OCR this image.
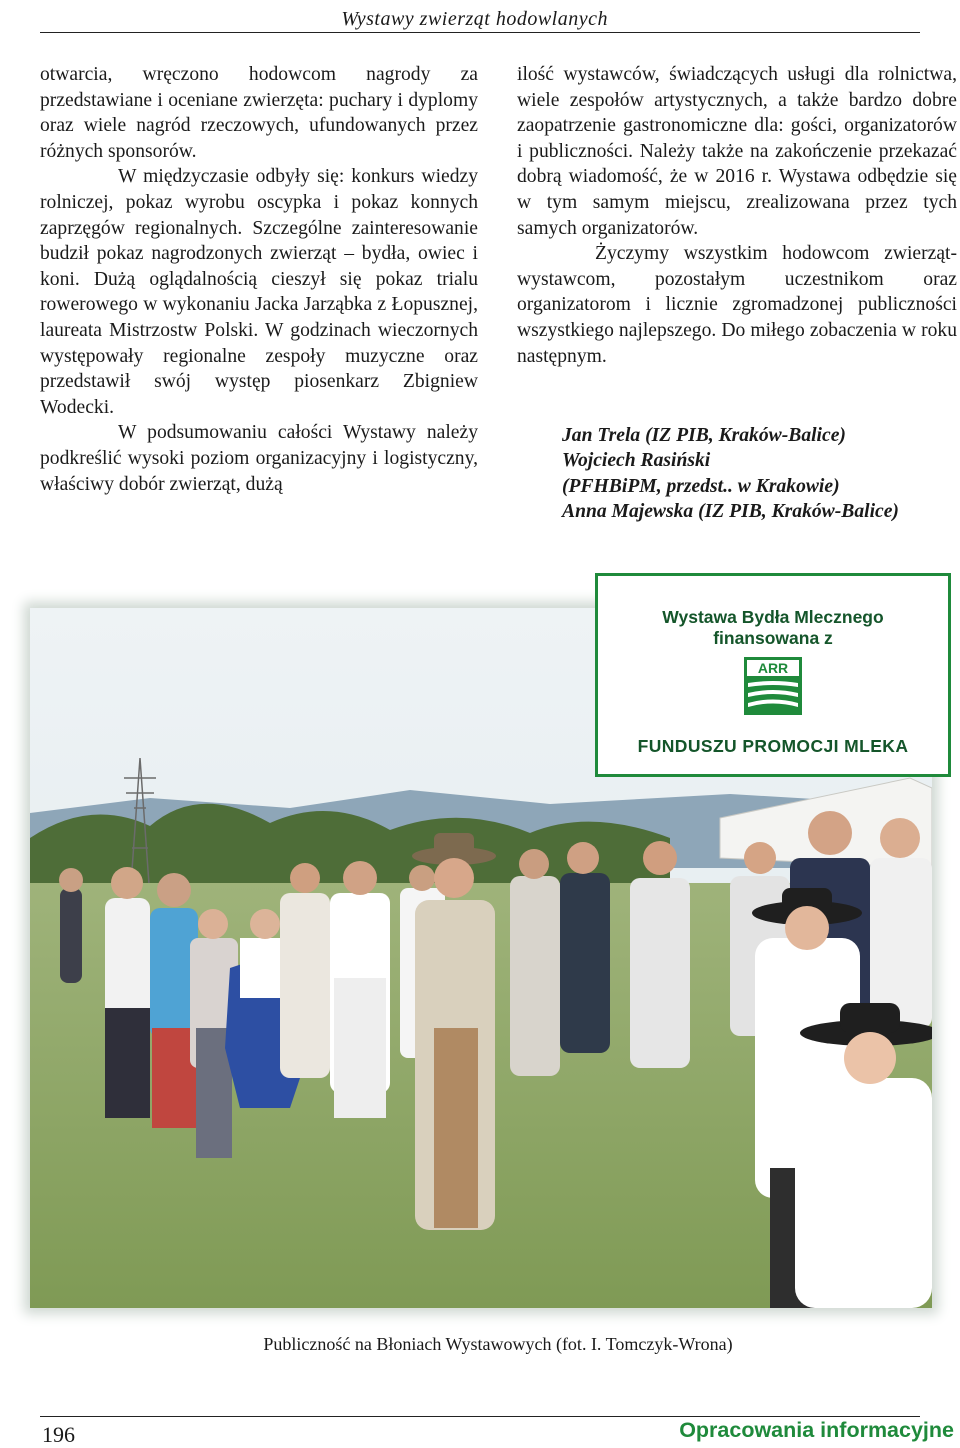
Wystawy zwierząt hodowlanych

otwarcia, wręczono hodowcom nagrody za przedstawiane i oceniane zwierzęta: puchary i dyplomy oraz wiele nagród rzeczowych, ufundowanych przez różnych sponsorów.

W międzyczasie odbyły się: konkurs wiedzy rolniczej, pokaz wyrobu oscypka i pokaz konnych zaprzęgów regionalnych. Szczególne zainteresowanie budził pokaz nagrodzonych zwierząt – bydła, owiec i koni. Dużą oglądalnością cieszył się pokaz trialu rowerowego w wykonaniu Jacka Jarząbka z Łopusznej, laureata Mistrzostw Polski. W godzinach wieczornych występowały regionalne zespoły muzyczne oraz przedstawił swój występ piosenkarz Zbigniew Wodecki.

W podsumowaniu całości Wystawy należy podkreślić wysoki poziom organizacyjny i logistyczny, właściwy dobór zwierząt, dużą

ilość wystawców, świadczących usługi dla rolnictwa, wiele zespołów artystycznych, a także bardzo dobre zaopatrzenie gastronomiczne dla: gości, organizatorów i publiczności. Należy także na zakończenie przekazać dobrą wiadomość, że w 2016 r. Wystawa odbędzie się w tym samym miejscu, zrealizowana przez tych samych organizatorów.

Życzymy wszystkim hodowcom zwierząt-wystawcom, pozostałym uczestnikom oraz organizatorom i licznie zgromadzonej publiczności wszystkiego najlepszego. Do miłego zobaczenia w roku następnym.

Jan Trela (IZ PIB, Kraków-Balice)
Wojciech Rasiński
(PFHBiPM, przedst.. w Krakowie)
Anna Majewska (IZ PIB, Kraków-Balice)
Wystawa Bydła Mlecznego
finansowana z
ARR
FUNDUSZU PROMOCJI MLEKA
Publiczność na Błoniach Wystawowych (fot. I. Tomczyk-Wrona)
196	Opracowania informacyjne
